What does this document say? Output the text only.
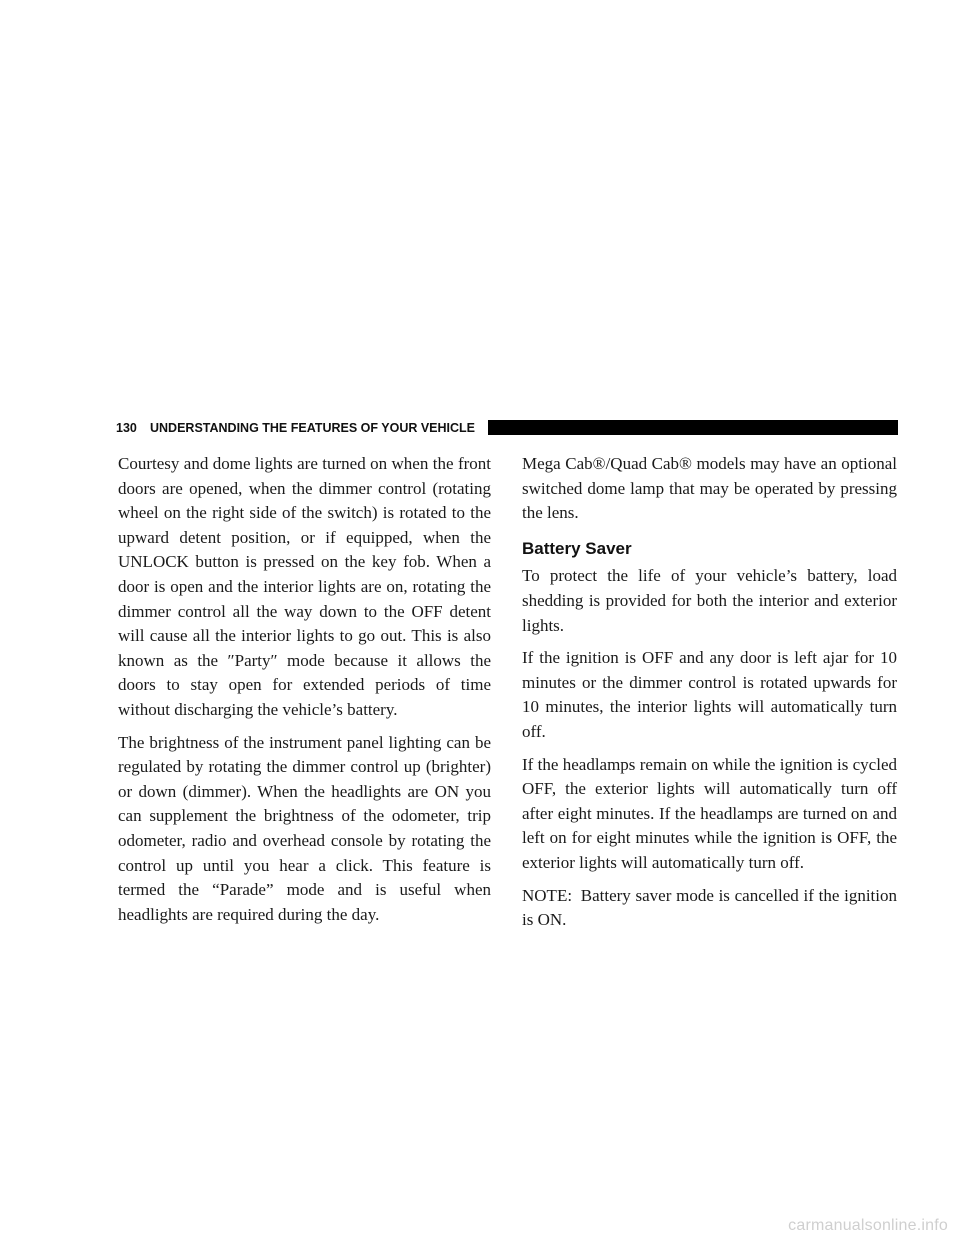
130 UNDERSTANDING THE FEATURES OF YOUR VEHICLE

Courtesy and dome lights are turned on when the front doors are opened, when the dimmer control (rotating wheel on the right side of the switch) is rotated to the upward detent position, or if equipped, when the UNLOCK button is pressed on the key fob. When a door is open and the interior lights are on, rotating the dimmer control all the way down to the OFF detent will cause all the interior lights to go out. This is also known as the ″Party″ mode because it allows the doors to stay open for extended periods of time without discharging the vehicle’s battery.

The brightness of the instrument panel lighting can be regulated by rotating the dimmer control up (brighter) or down (dimmer). When the headlights are ON you can supplement the brightness of the odometer, trip odometer, radio and overhead console by rotating the control up until you hear a click. This feature is termed the “Parade” mode and is useful when headlights are required during the day.

Mega Cab®/Quad Cab® models may have an optional switched dome lamp that may be operated by pressing the lens.

Battery Saver

To protect the life of your vehicle’s battery, load shedding is provided for both the interior and exterior lights.

If the ignition is OFF and any door is left ajar for 10 minutes or the dimmer control is rotated upwards for 10 minutes, the interior lights will automatically turn off.

If the headlamps remain on while the ignition is cycled OFF, the exterior lights will automatically turn off after eight minutes. If the headlamps are turned on and left on for eight minutes while the ignition is OFF, the exterior lights will automatically turn off.

NOTE: Battery saver mode is cancelled if the ignition is ON.

carmanualsonline.info
